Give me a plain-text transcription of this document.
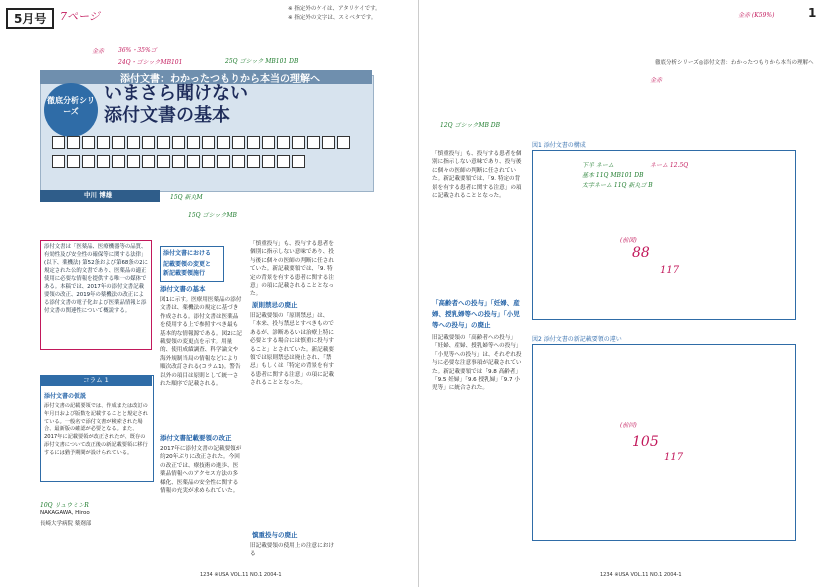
5月号	7ページ
※ 指定外のケイは、アタリケイです。
※ 指定外の文字は、スミベタです。	1
金赤 36%・35%ゴ
24Q・ゴシックMB101	25Q ゴシック MB101 DB
15Q 新丸M
15Q ゴシックMB
10Q リュウミンR
添付文書：わかったつもりから本当の理解へ
徹底分析シリーズ
いまさら聞けない
添付文書の基本
中川 博雄
添付文書は「医薬品、医療機器等の品質、有効性及び安全性の確保等に関する法律」(以下、薬機法) 第52条および第68条の2に規定された公的文書であり、医薬品の適正使用に必要な情報を提供する唯一の媒体である。本稿では、2017年の添付文書記載要領の改正、2019年の薬機法の改正による添付文書の電子化および医薬品情報と添付文書の関連性について概説する。
コラム 1
添付文書の仮説
添付文書の記載要領では、作成または改訂の年月日および版数を記載することと規定されている。一般名で添付文書が検索された場合、最新版の確認が必要となる。また、2017年に記載要領が改正されたが、既存の添付文書について改正後の新記載要領に移行するには猶予期間が設けられている。
NAKAGAWA, Hiroo
長崎大学病院 薬剤部
添付文書における
記載要領の変更と
新記載要領施行
添付文書の基本
図1に示す。医療用医薬品の添付文書は、薬機法の規定に基づき作成される。添付文書は医薬品を使用する上で参照すべき最も基本的な情報源である。図2に記載要領の変更点を示す。用量的、使用成績調査、科学論文や海外規制当局の情報などにより順次改訂される(コラム1)。警告以外の項目は原則として統一された順序で記載される。
添付文書記載要領の改正
2017年に添付文書の記載要領が約20年ぶりに改正された。今回の改正では、療技術の進歩、医薬品情報へのアクセス方法の多様化、医薬品の安全性に関する情報の充実が求められていた。
「慎重投与」も、投与する患者を個別に指示しない意味であり、投与後に個々の医師の判断に任されていた。新記載要領では、「9. 特定の背景を有する患者に関する注意」の項に記載されることとなった。
原則禁忌の廃止
旧記載要領の「原則禁忌」は、「本来、投与禁忌とすべきものであるが、診断あるいは治療上特に必要とする場合には慎重に投与すること」とされていた。新記載要領では原則禁忌は廃止され、「禁忌」もしくは「特定の背景を有する患者に関する注意」の項に記載されることとなった。
慎重投与の廃止
旧記載要領の使用上の注意における
徹底分析シリーズ◎添付文書：わかったつもりから本当の理解へ
金赤 (K59%)
金赤
12Q ゴシックMB DB
「慎重投与」も、投与する患者を個別に指示しない意味であり、投与後に個々の医師の判断に任されていた。新記載要領では、「9. 特定の背景を有する患者に関する注意」の項に記載されることとなった。
「高齢者への投与」「妊婦、産婦、授乳婦等への投与」「小児等への投与」の廃止
旧記載要領の「高齢者への投与」「妊婦、産婦、授乳婦等への投与」「小児等への投与」は、それぞれ投与に必要な注意事項が記載されていた。新記載要領では「9.8 高齢者」「9.5 妊婦」「9.6 授乳婦」「9.7 小児等」に統合された。
図1 添付文書の構成
下半 ネーム
基本 11Q MB101 DB
太字ネーム 11Q 新丸ゴ B
ネーム 12.5Q
(前図)
88
117
図2 添付文書の新記載要領の違い
(前回)
105
117
1234 ※USA VOL.11 NO.1 2004-1	1234 ※USA VOL.11 NO.1 2004-1
